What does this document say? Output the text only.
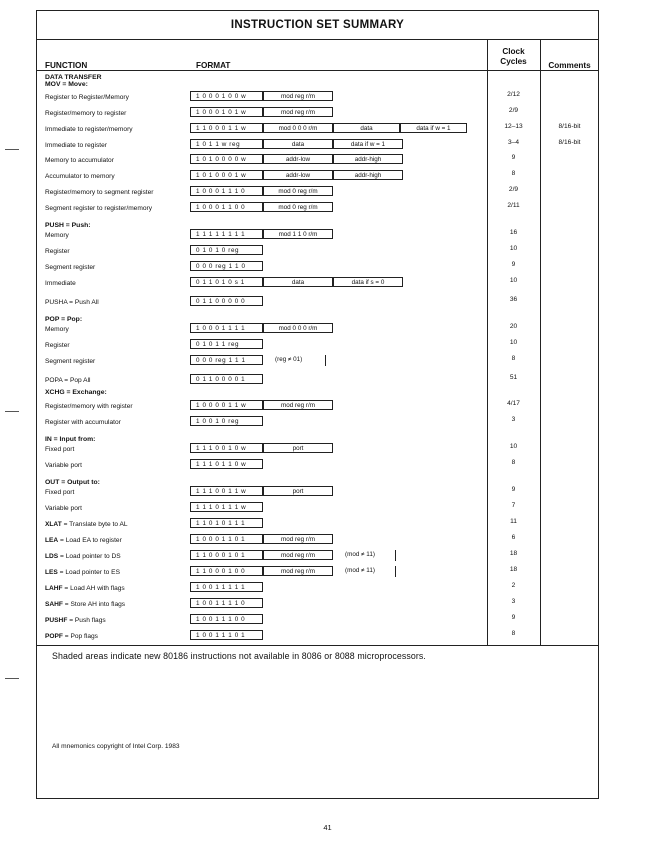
INSTRUCTION SET SUMMARY
FUNCTION	FORMAT
Clock
Cycles	Comments
DATA TRANSFER
MOV = Move:
Register to Register/Memory	2/12
1 0 0 0 1 0 0 w	mod reg r/m
Register/memory to register	2/9
1 0 0 0 1 0 1 w	mod reg r/m
Immediate to register/memory	12–13	8/16-bit
1 1 0 0 0 1 1 w	mod 0 0 0 r/m	data	data if w = 1
Immediate to register	3–4	8/16-bit
1 0 1 1 w reg	data	data if w = 1
Memory to accumulator	9
1 0 1 0 0 0 0 w	addr-low	addr-high
Accumulator to memory	8
1 0 1 0 0 0 1 w	addr-low	addr-high
Register/memory to segment register	2/9
1 0 0 0 1 1 1 0	mod 0 reg r/m
Segment register to register/memory	2/11
1 0 0 0 1 1 0 0	mod 0 reg r/m
PUSH = Push:
Memory	16
1 1 1 1 1 1 1 1	mod 1 1 0 r/m
Register	10
0 1 0 1 0 reg
Segment register	9
0 0 0 reg 1 1 0
Immediate	10
0 1 1 0 1 0 s 1	data	data if s = 0
PUSHA = Push All	36
0 1 1 0 0 0 0 0
POP = Pop:
Memory	20
1 0 0 0 1 1 1 1	mod 0 0 0 r/m
Register	10
0 1 0 1 1 reg
Segment register	8
0 0 0 reg 1 1 1	(reg ≠ 01)
POPA = Pop All	51
0 1 1 0 0 0 0 1
XCHG = Exchange:
Register/memory with register	4/17
1 0 0 0 0 1 1 w	mod reg r/m
Register with accumulator	3
1 0 0 1 0 reg
IN = Input from:
Fixed port	10
1 1 1 0 0 1 0 w	port
Variable port	8
1 1 1 0 1 1 0 w
OUT = Output to:
Fixed port	9
1 1 1 0 0 1 1 w	port
Variable port	7
1 1 1 0 1 1 1 w
XLAT = Translate byte to AL	11
1 1 0 1 0 1 1 1
LEA = Load EA to register	6
1 0 0 0 1 1 0 1	mod reg r/m
LDS = Load pointer to DS	18
1 1 0 0 0 1 0 1	mod reg r/m	(mod ≠ 11)
LES = Load pointer to ES	18
1 1 0 0 0 1 0 0	mod reg r/m	(mod ≠ 11)
LAHF = Load AH with flags	2
1 0 0 1 1 1 1 1
SAHF = Store AH into flags	3
1 0 0 1 1 1 1 0
PUSHF = Push flags	9
1 0 0 1 1 1 0 0
POPF = Pop flags	8
1 0 0 1 1 1 0 1
Shaded areas indicate new 80186 instructions not available in 8086 or 8088 microprocessors.
All mnemonics copyright of Intel Corp. 1983
41
